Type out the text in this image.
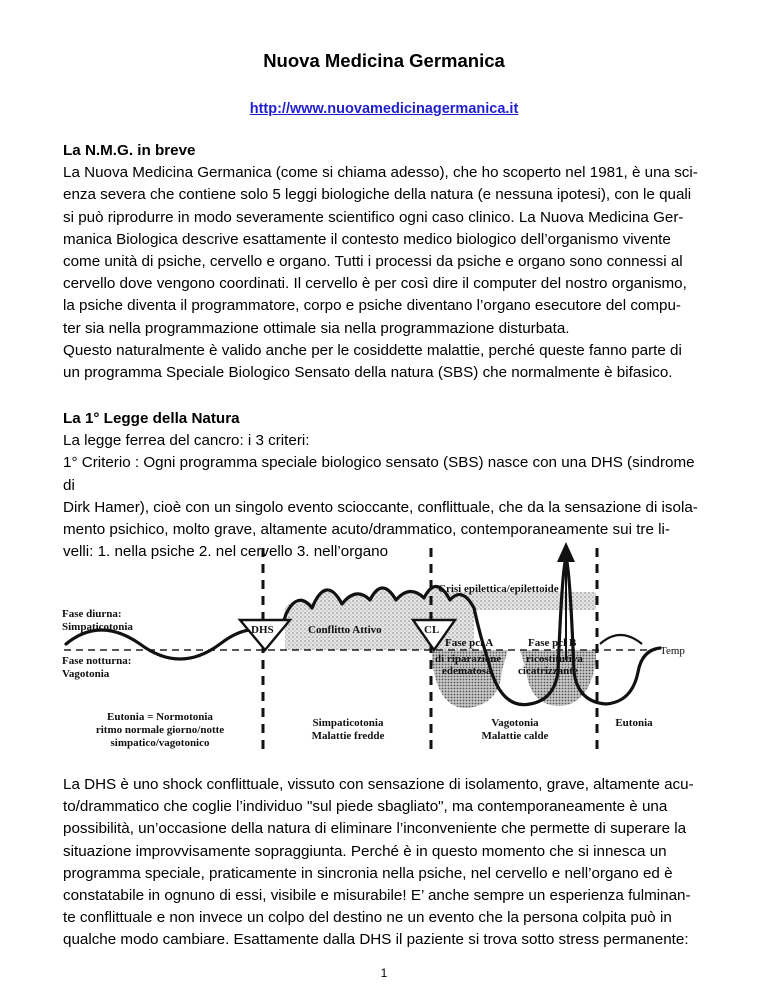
Nuova Medicina Germanica
http://www.nuovamedicinagermanica.it

La N.M.G. in breve

La Nuova Medicina Germanica (come si chiama adesso), che ho scoperto nel 1981, è una sci-

enza severa che contiene solo 5 leggi biologiche della natura (e nessuna ipotesi), con le quali

si può riprodurre in modo severamente scientifico ogni caso clinico. La Nuova Medicina Ger-

manica Biologica descrive esattamente il contesto medico biologico dell’organismo vivente

come unità di psiche, cervello e organo. Tutti i processi da psiche e organo sono connessi al

cervello dove vengono coordinati. Il cervello è per così dire il computer del nostro organismo,

la psiche diventa il programmatore, corpo e psiche diventano l’organo esecutore del compu-

ter sia nella programmazione ottimale sia nella programmazione disturbata.

Questo naturalmente è valido anche per le cosiddette malattie, perché queste fanno parte di

un programma Speciale Biologico Sensato della natura (SBS) che normalmente è bifasico.

La 1° Legge della Natura

La legge ferrea del cancro: i 3 criteri:

1° Criterio : Ogni programma speciale biologico sensato (SBS) nasce con una DHS (sindrome di

Dirk Hamer), cioè con un singolo evento scioccante, conflittuale, che da la sensazione di isola-

mento psichico, molto grave, altamente acuto/drammatico, contemporaneamente sui tre li-

velli: 1. nella psiche 2. nel cervello 3. nell’organo

DHS	CL
Crisi epilettica/epilettoide
Fase diurna:
Simpaticotonia
Fase notturna:
Vagotonia
Conflitto Attivo
Fase pcl A
di riparazione
edematosa
Fase pcl B
ricostitutiva
cicatrizzante
Temp
Eutonia = Normotonia
ritmo normale giorno/notte
simpatico/vagotonico
Simpaticotonia
Malattie fredde
Vagotonia
Malattie calde
Eutonia

La DHS è uno shock conflittuale, vissuto con sensazione di isolamento, grave, altamente acu-

to/drammatico che coglie l’individuo "sul piede sbagliato", ma contemporaneamente è una

possibilità, un’occasione della natura di eliminare l’inconveniente che permette di superare la

situazione improvvisamente sopraggiunta. Perché è in questo momento che si innesca un

programma speciale, praticamente in sincronia nella psiche, nel cervello e nell’organo ed è

constatabile in ognuno di essi, visibile e misurabile! E’ anche sempre un esperienza fulminan-

te conflittuale e non invece un colpo del destino ne un evento che la persona colpita può in

qualche modo cambiare. Esattamente dalla DHS il paziente si trova sotto stress permanente:

1
